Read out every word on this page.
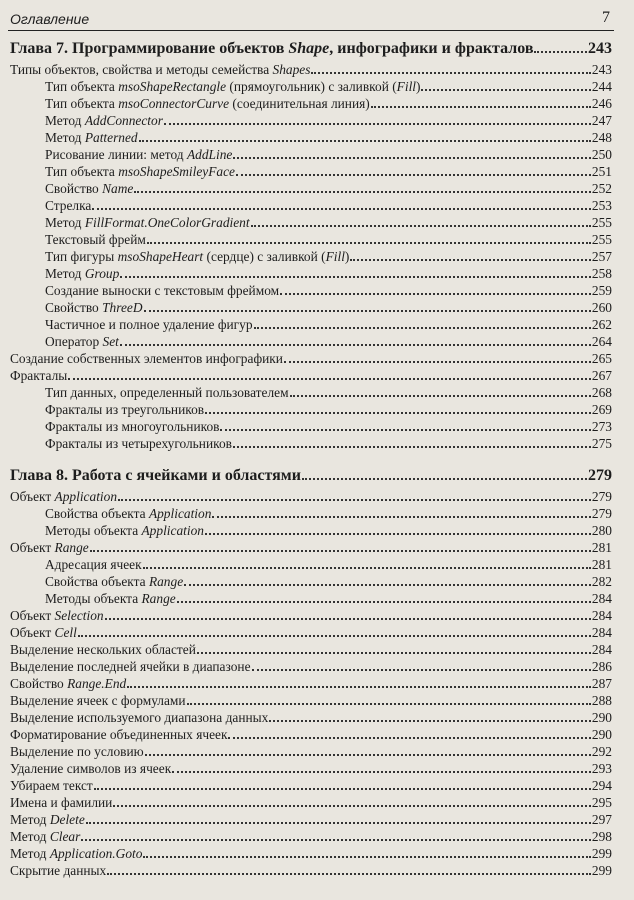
Оглавление	7
Глава 7. Программирование объектов Shape, инфографики и фракталов	243
Типы объектов, свойства и методы семейства Shapes	243
Тип объекта msoShapeRectangle (прямоугольник) с заливкой (Fill)	244
Тип объекта msoConnectorCurve (соединительная линия)	246
Метод AddConnector	247
Метод Patterned	248
Рисование линии: метод AddLine	250
Тип объекта msoShapeSmileyFace	251
Свойство Name	252
Стрелка	253
Метод FillFormat.OneColorGradient	255
Текстовый фрейм	255
Тип фигуры msoShapeHeart (сердце) с заливкой (Fill)	257
Метод Group	258
Создание выноски с текстовым фреймом	259
Свойство ThreeD	260
Частичное и полное удаление фигур	262
Оператор Set	264
Создание собственных элементов инфографики	265
Фракталы	267
Тип данных, определенный пользователем	268
Фракталы из треугольников	269
Фракталы из многоугольников	273
Фракталы из четырехугольников	275
Глава 8. Работа с ячейками и областями	279
Объект Application	279
Свойства объекта Application	279
Методы объекта Application	280
Объект Range	281
Адресация ячеек	281
Свойства объекта Range	282
Методы объекта Range	284
Объект Selection	284
Объект Cell	284
Выделение нескольких областей	284
Выделение последней ячейки в диапазоне	286
Свойство Range.End	287
Выделение ячеек с формулами	288
Выделение используемого диапазона данных	290
Форматирование объединенных ячеек	290
Выделение по условию	292
Удаление символов из ячеек	293
Убираем текст	294
Имена и фамилии	295
Метод Delete	297
Метод Clear	298
Метод Application.Goto	299
Скрытие данных	299
